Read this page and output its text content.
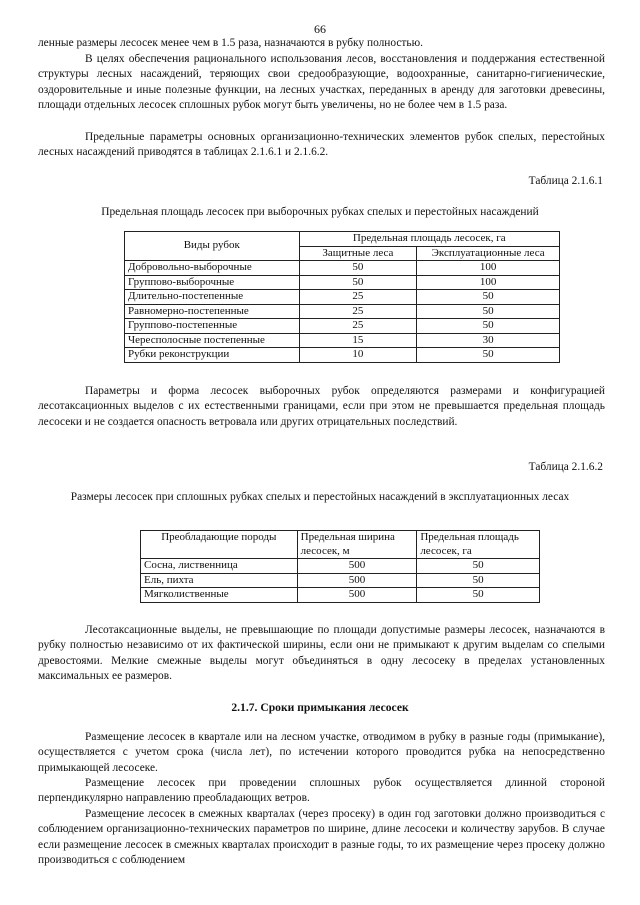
66

ленные размеры лесосек менее чем в 1.5 раза, назначаются в рубку полностью.

В целях обеспечения рационального использования лесов, восстановления и поддержания естественной структуры лесных насаждений, теряющих свои средообразующие, водоохранные, санитарно-гигиенические, оздоровительные и иные полезные функции, на лесных участках, переданных в аренду для заготовки древесины, площади отдельных лесосек сплошных рубок могут быть увеличены, но не более чем в 1.5 раза.

Предельные параметры основных организационно-технических элементов рубок спелых, перестойных лесных насаждений приводятся в таблицах 2.1.6.1 и 2.1.6.2.

Таблица 2.1.6.1
Предельная площадь лесосек при выборочных рубках спелых и перестойных насаждений
Виды рубок	Предельная площадь лесосек, га	
	Защитные леса	Эксплуатационные леса
Добровольно-выборочные	50	100
Группово-выборочные	50	100
Длительно-постепенные	25	50
Равномерно-постепенные	25	50
Группово-постепенные	25	50
Чересполосные постепенные	15	30
Рубки реконструкции	10	50

Параметры и форма лесосек выборочных рубок определяются размерами и конфигурацией лесотаксационных выделов с их естественными границами, если при этом не превышается предельная площадь лесосеки и не создается опасность ветровала или других отрицательных последствий.

Таблица 2.1.6.2
Размеры лесосек при сплошных рубках спелых и перестойных насаждений в эксплуатационных лесах
Преобладающие породы	Предельная ширина лесосек, м	Предельная площадь лесосек, га
Сосна, лиственница	500	50
Ель, пихта	500	50
Мягколиственные	500	50

Лесотаксационные выделы, не превышающие по площади допустимые размеры лесосек, назначаются в рубку полностью независимо от их фактической ширины, если они не примыкают к другим выделам со спелыми древостоями. Мелкие смежные выделы могут объединяться в одну лесосеку в пределах установленных максимальных ее размеров.

2.1.7. Сроки примыкания лесосек

Размещение лесосек в квартале или на лесном участке, отводимом в рубку в разные годы (примыкание), осуществляется с учетом срока (числа лет), по истечении которого проводится рубка на непосредственно примыкающей лесосеке.

Размещение лесосек при проведении сплошных рубок осуществляется длинной стороной перпендикулярно направлению преобладающих ветров.

Размещение лесосек в смежных кварталах (через просеку) в один год заготовки должно производиться с соблюдением организационно-технических параметров по ширине, длине лесосеки и количеству зарубов. В случае если размещение лесосек в смежных кварталах происходит в разные годы, то их размещение через просеку должно производиться с соблюдением
